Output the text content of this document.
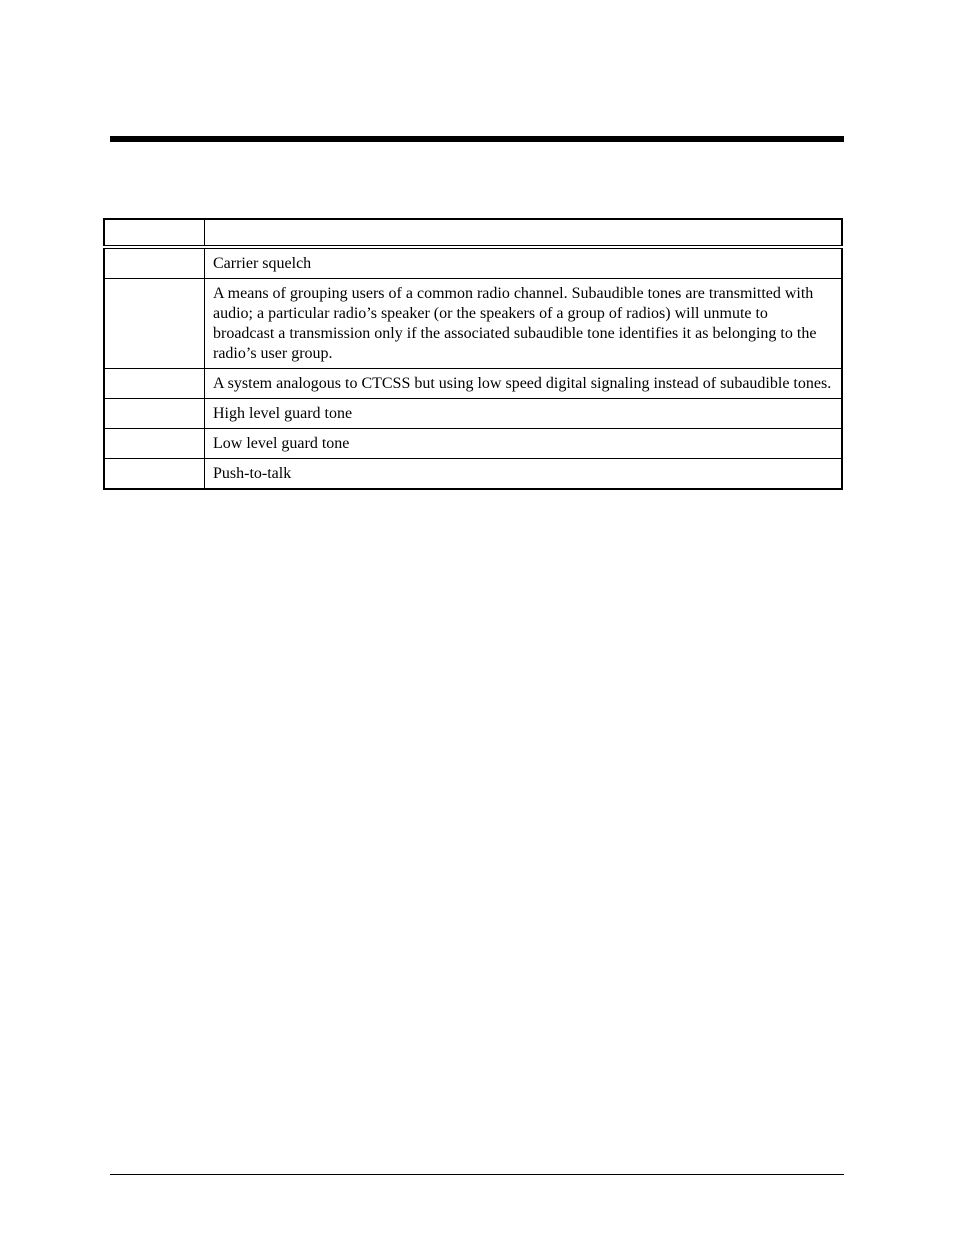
	Carrier squelch
	A means of grouping users of a common radio channel. Subaudible tones are transmitted with audio; a particular radio’s speaker (or the speakers of a group of radios) will unmute to broadcast a transmission only if the associated subaudible tone identifies it as belonging to the radio’s user group.
	A system analogous to CTCSS but using low speed digital signaling instead of subaudible tones.
	High level guard tone
	Low level guard tone
	Push-to-talk
